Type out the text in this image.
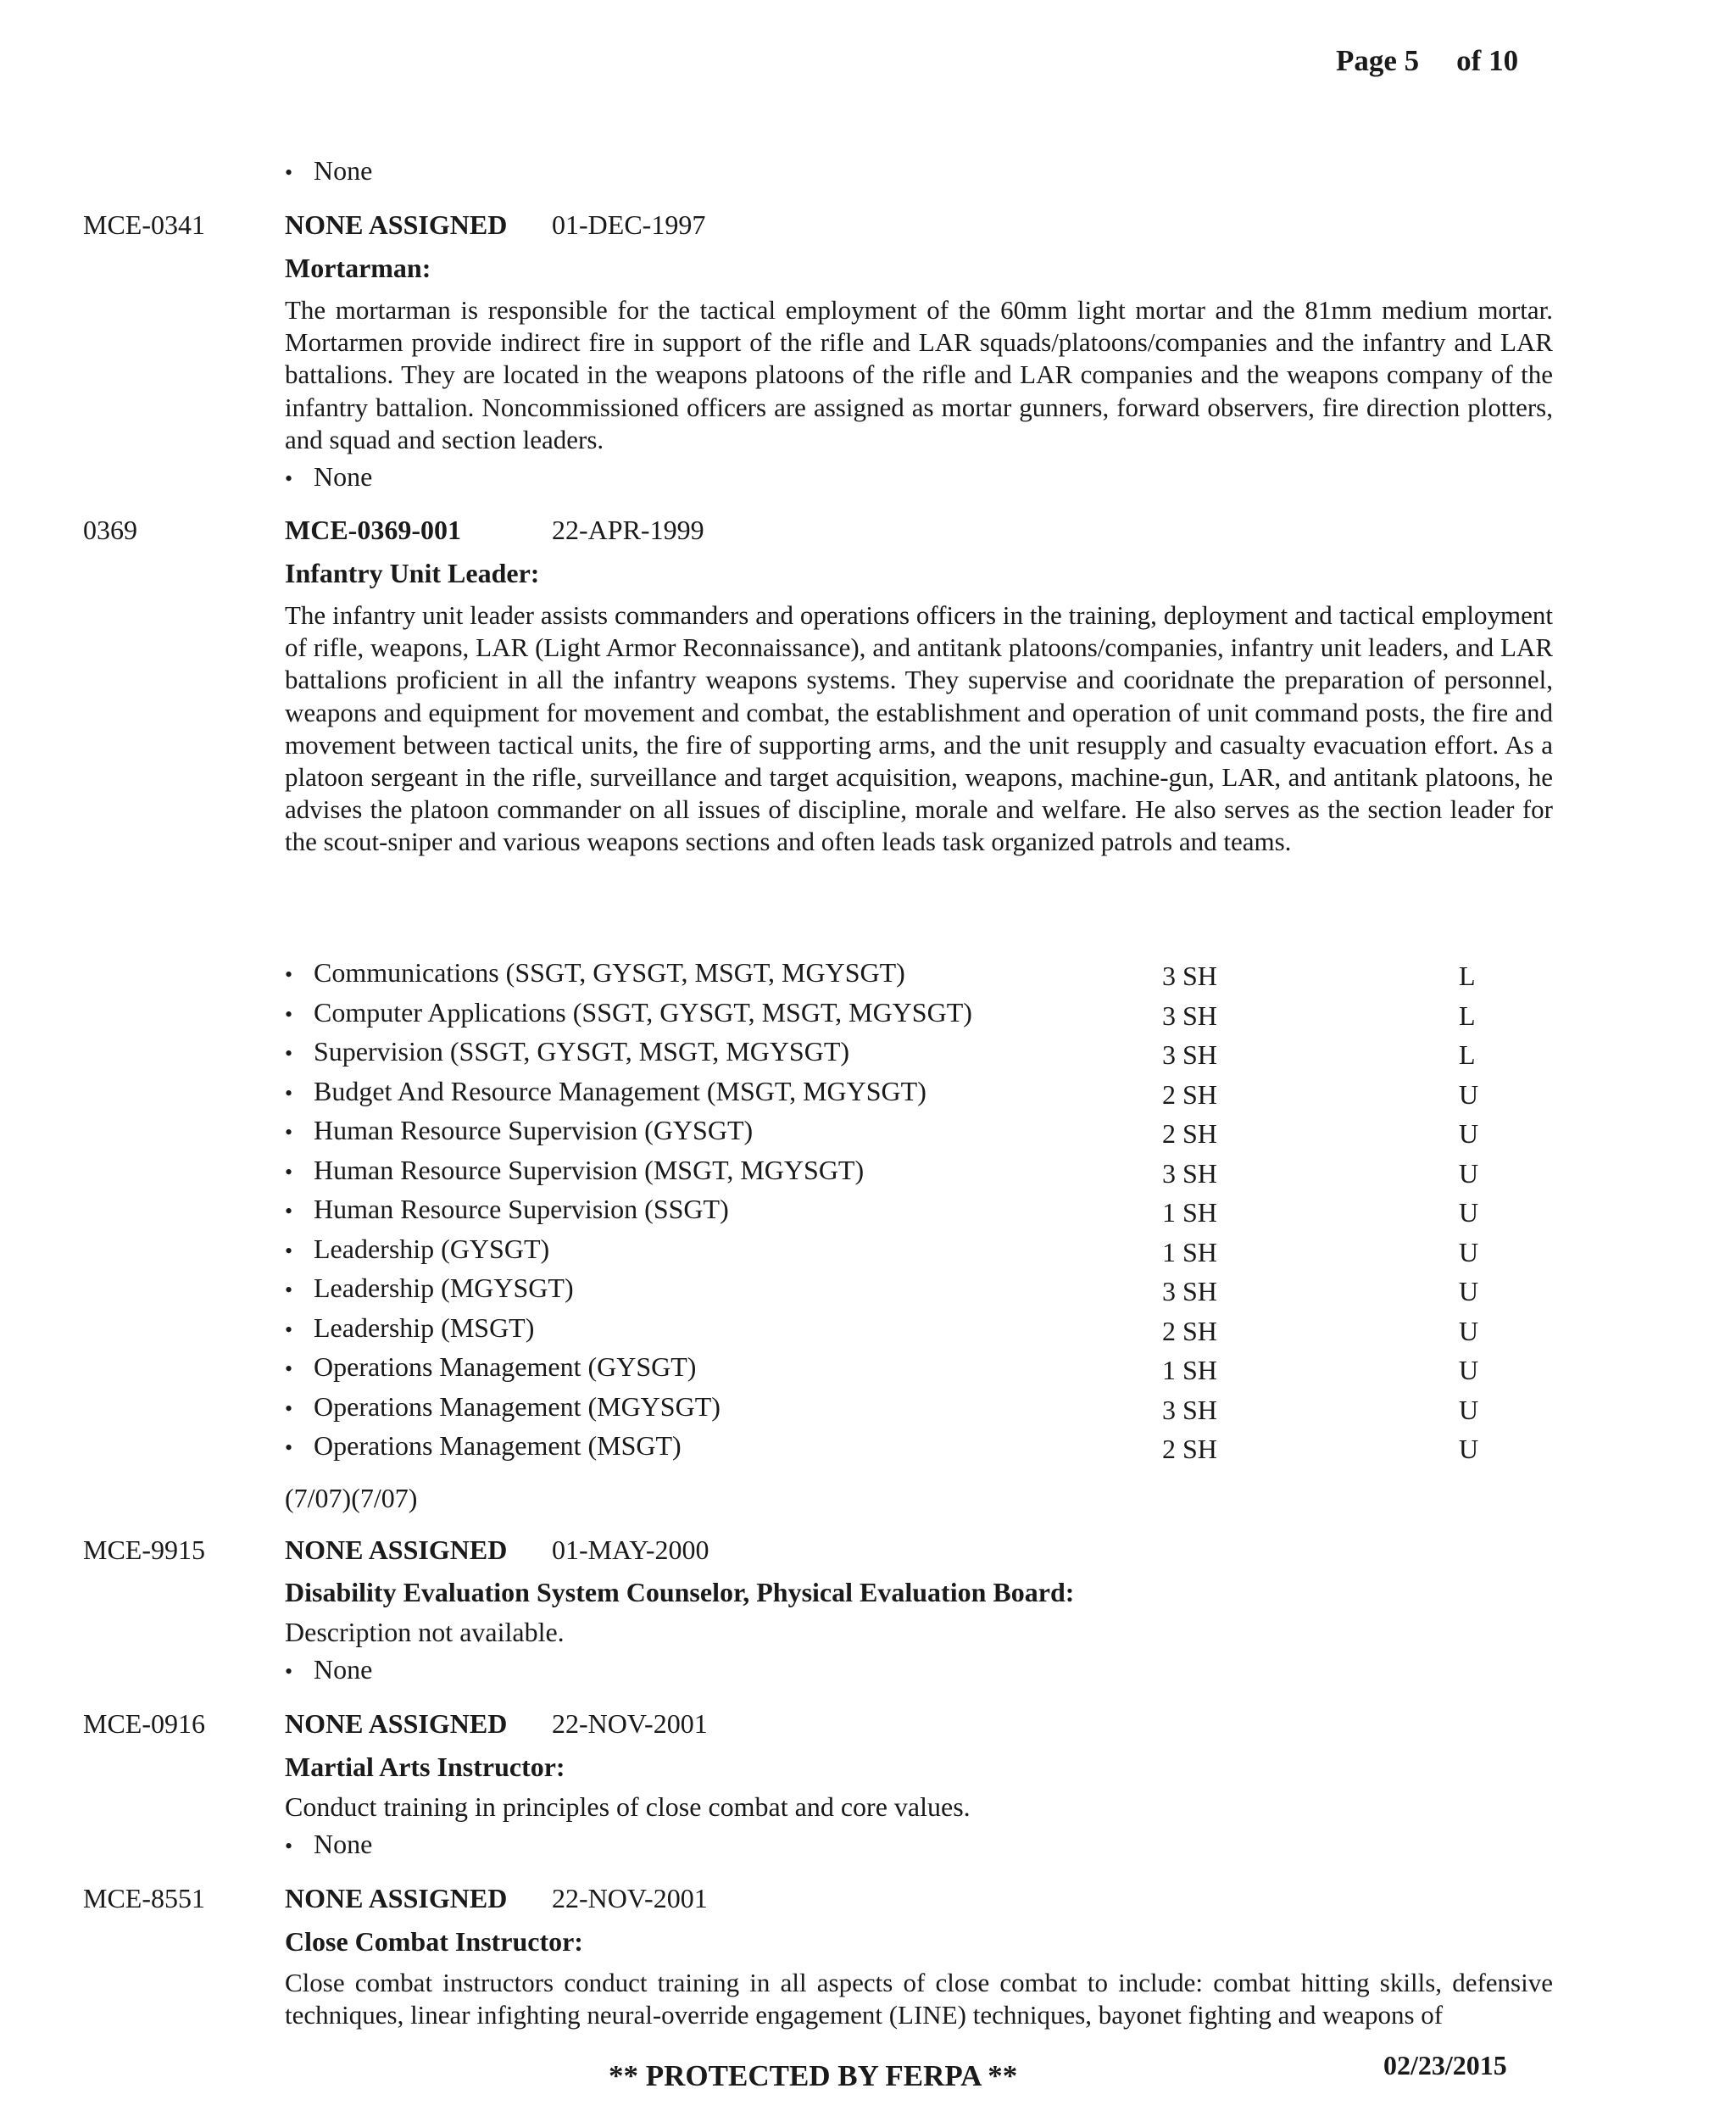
Page 5 of 10
• None
MCE-0341	NONE ASSIGNED 01-DEC-1997
Mortarman:
The mortarman is responsible for the tactical employment of the 60mm light mortar and the 81mm medium mortar. Mortarmen provide indirect fire in support of the rifle and LAR squads/platoons/companies and the infantry and LAR battalions. They are located in the weapons platoons of the rifle and LAR companies and the weapons company of the infantry battalion. Noncommissioned officers are assigned as mortar gunners, forward observers, fire direction plotters, and squad and section leaders.
• None
0369	MCE-0369-001	22-APR-1999
Infantry Unit Leader:
The infantry unit leader assists commanders and operations officers in the training, deployment and tactical employment of rifle, weapons, LAR (Light Armor Reconnaissance), and antitank platoons/companies, infantry unit leaders, and LAR battalions proficient in all the infantry weapons systems. They supervise and cooridnate the preparation of personnel, weapons and equipment for movement and combat, the establishment and operation of unit command posts, the fire and movement between tactical units, the fire of supporting arms, and the unit resupply and casualty evacuation effort. As a platoon sergeant in the rifle, surveillance and target acquisition, weapons, machine-gun, LAR, and antitank platoons, he advises the platoon commander on all issues of discipline, morale and welfare. He also serves as the section leader for the scout-sniper and various weapons sections and often leads task organized patrols and teams.
• Communications (SSGT, GYSGT, MSGT, MGYSGT)	3 SH	L
• Computer Applications (SSGT, GYSGT, MSGT, MGYSGT)	3 SH	L
• Supervision (SSGT, GYSGT, MSGT, MGYSGT)	3 SH	L
• Budget And Resource Management (MSGT, MGYSGT)	2 SH	U
• Human Resource Supervision (GYSGT)	2 SH	U
• Human Resource Supervision (MSGT, MGYSGT)	3 SH	U
• Human Resource Supervision (SSGT)	1 SH	U
• Leadership (GYSGT)	1 SH	U
• Leadership (MGYSGT)	3 SH	U
• Leadership (MSGT)	2 SH	U
• Operations Management (GYSGT)	1 SH	U
• Operations Management (MGYSGT)	3 SH	U
• Operations Management (MSGT)	2 SH	U
(7/07)(7/07)
MCE-9915	NONE ASSIGNED 01-MAY-2000
Disability Evaluation System Counselor, Physical Evaluation Board:
Description not available.
• None
MCE-0916	NONE ASSIGNED 22-NOV-2001
Martial Arts Instructor:
Conduct training in principles of close combat and core values.
• None
MCE-8551	NONE ASSIGNED 22-NOV-2001
Close Combat Instructor:
Close combat instructors conduct training in all aspects of close combat to include: combat hitting skills, defensive techniques, linear infighting neural-override engagement (LINE) techniques, bayonet fighting and weapons of
** PROTECTED BY FERPA **	02/23/2015
